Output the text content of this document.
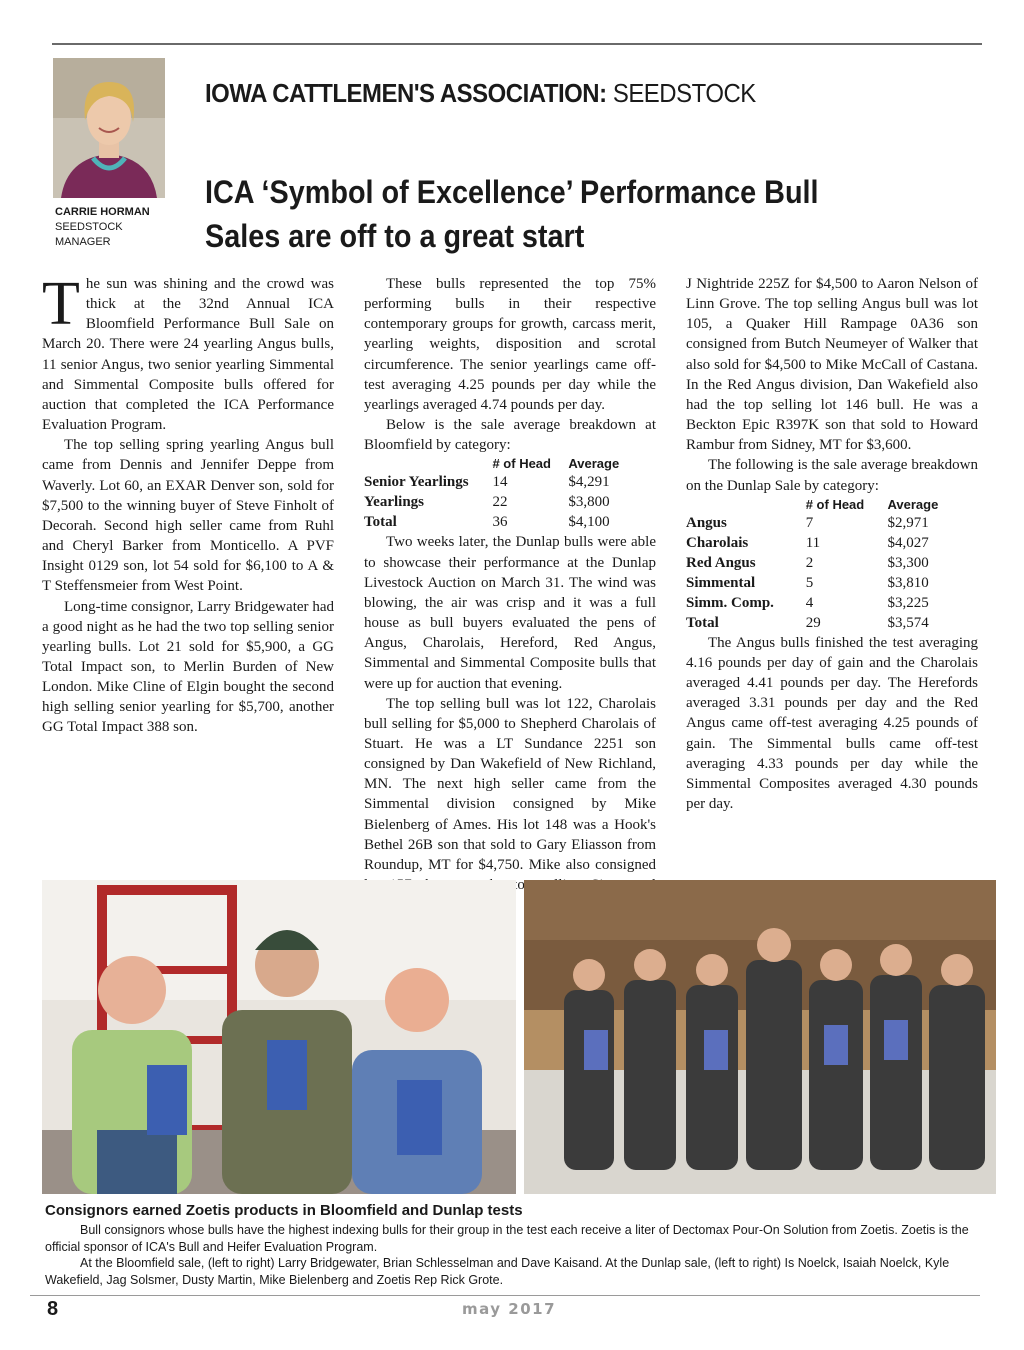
CARRIE HORMAN
SEEDSTOCK
MANAGER
IOWA CATTLEMEN'S ASSOCIATION: SEEDSTOCK
ICA ‘Symbol of Excellence’ Performance Bull
Sales are off to a great start

The sun was shining and the crowd was thick at the 32nd Annual ICA Bloomfield Performance Bull Sale on March 20. There were 24 yearling Angus bulls, 11 senior Angus, two senior yearling Simmental and Simmental Composite bulls offered for auction that completed the ICA Performance Evaluation Program.

The top selling spring yearling Angus bull came from Dennis and Jennifer Deppe from Waverly. Lot 60, an EXAR Denver son, sold for $7,500 to the winning buyer of Steve Finholt of Decorah. Second high seller came from Ruhl and Cheryl Barker from Monticello. A PVF Insight 0129 son, lot 54 sold for $6,100 to A & T Steffensmeier from West Point.

Long-time consignor, Larry Bridgewater had a good night as he had the two top selling senior yearling bulls. Lot 21 sold for $5,900, a GG Total Impact son, to Merlin Burden of New London. Mike Cline of Elgin bought the second high selling senior yearling for $5,700, another GG Total Impact 388 son.

These bulls represented the top 75% performing bulls in their respective contemporary groups for growth, carcass merit, yearling weights, disposition and scrotal circumference. The senior yearlings came off-test averaging 4.25 pounds per day while the yearlings averaged 4.74 pounds per day.

Below is the sale average breakdown at Bloomfield by category:

	# of Head	Average
Senior Yearlings	14	$4,291
Yearlings	22	$3,800
Total	36	$4,100

Two weeks later, the Dunlap bulls were able to showcase their performance at the Dunlap Livestock Auction on March 31. The wind was blowing, the air was crisp and it was a full house as bull buyers evaluated the pens of Angus, Charolais, Hereford, Red Angus, Simmental and Simmental Composite bulls that were up for auction that evening.

The top selling bull was lot 122, Charolais bull selling for $5,000 to Shepherd Charolais of Stuart. He was a LT Sundance 2251 son consigned by Dan Wakefield of New Richland, MN. The next high seller came from the Simmental division consigned by Mike Bielenberg of Ames. His lot 148 was a Hook's Bethel 26B son that sold to Gary Eliasson from Roundup, MT for $4,750. Mike also consigned top

J Nightride 225Z for $4,500 to Aaron Nelson of Linn Grove. The top selling Angus bull was lot 105, a Quaker Hill Rampage 0A36 son consigned from Butch Neumeyer of Walker that also sold for $4,500 to Mike McCall of Castana. In the Red Angus division, Dan Wakefield also had the top selling lot 146 bull. He was a Beckton Epic R397K son that sold to Howard Rambur from Sidney, MT for $3,600.

The following is the sale average breakdown on the Dunlap Sale by category:

	# of Head	Average
Angus	7	$2,971
Charolais	11	$4,027
Red Angus	2	$3,300
Simmental	5	$3,810
Simm. Comp.	4	$3,225
Total	29	$3,574

The Angus bulls finished the test averaging 4.16 pounds per day of gain and the Charolais averaged 4.41 pounds per day. The Herefords averaged 3.31 pounds per day and the Red Angus came off-test averaging 4.25 pounds of gain. The Simmental bulls came off-test averaging 4.33 pounds per day while the Simmental Composites averaged 4.30 pounds per day.

Consignors earned Zoetis products in Bloomfield and Dunlap tests

Bull consignors whose bulls have the highest indexing bulls for their group in the test each receive a liter of Dectomax Pour-On Solution from Zoetis. Zoetis is the official sponsor of ICA's Bull and Heifer Evaluation Program.

At the Bloomfield sale, (left to right) Larry Bridgewater, Brian Schlesselman and Dave Kaisand. At the Dunlap sale, (left to right) Is Noelck, Isaiah Noelck, Kyle Wakefield, Jag Solsmer, Dusty Martin, Mike Bielenberg and Zoetis Rep Rick Grote.

8	may 2017
